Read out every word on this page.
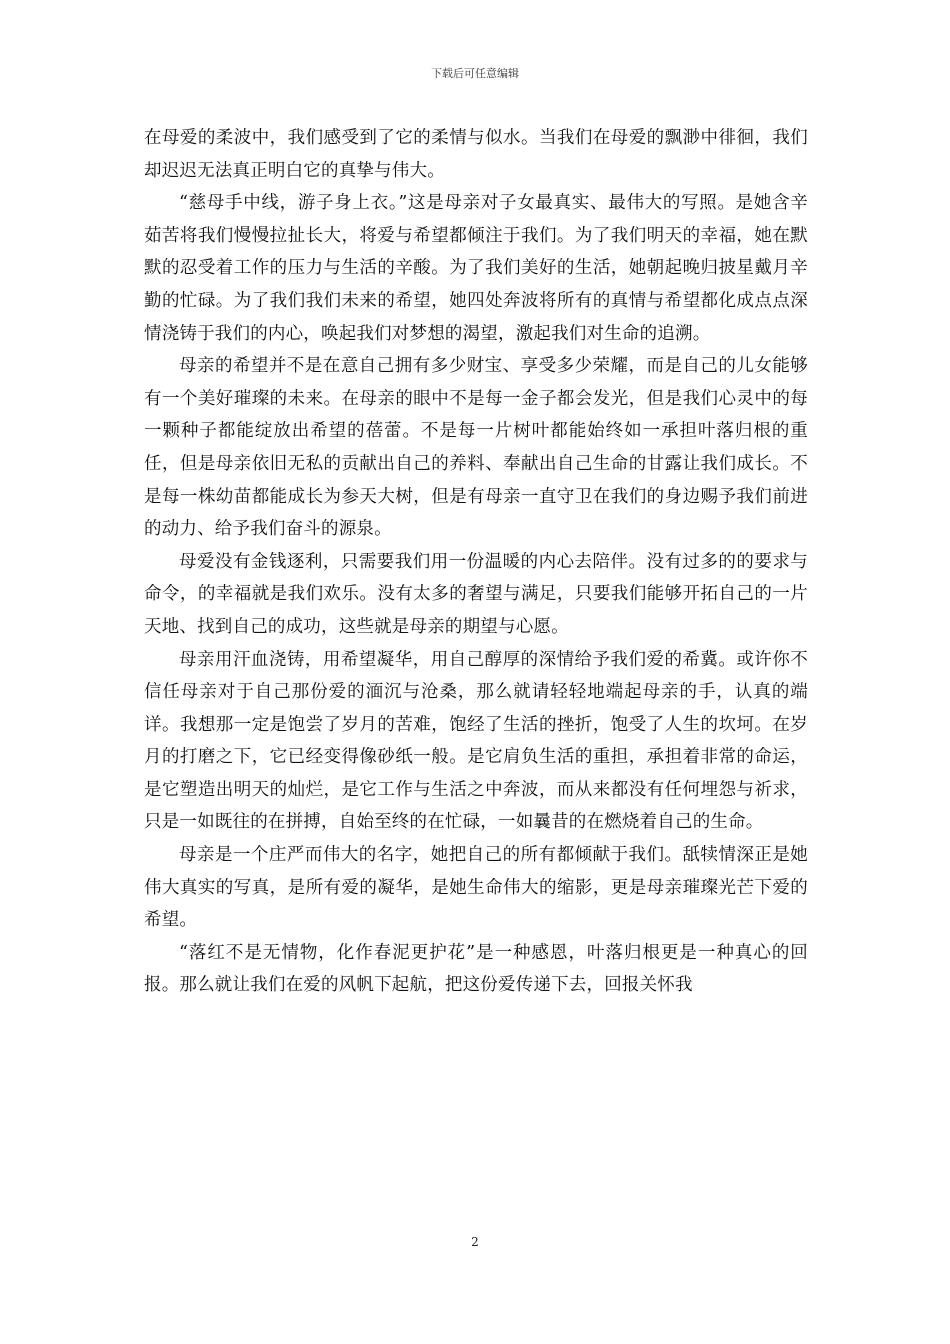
下载后可任意编辑

在母爱的柔波中，我们感受到了它的柔情与似水。当我们在母爱的飘渺中徘徊，我们却迟迟无法真正明白它的真挚与伟大。

“慈母手中线，游子身上衣。”这是母亲对子女最真实、最伟大的写照。是她含辛茹苦将我们慢慢拉扯长大，将爱与希望都倾注于我们。为了我们明天的幸福，她在默默的忍受着工作的压力与生活的辛酸。为了我们美好的生活，她朝起晚归披星戴月辛勤的忙碌。为了我们我们未来的希望，她四处奔波将所有的真情与希望都化成点点深情浇铸于我们的内心，唤起我们对梦想的渴望，激起我们对生命的追溯。

母亲的希望并不是在意自己拥有多少财宝、享受多少荣耀，而是自己的儿女能够有一个美好璀璨的未来。在母亲的眼中不是每一金子都会发光，但是我们心灵中的每一颗种子都能绽放出希望的蓓蕾。不是每一片树叶都能始终如一承担叶落归根的重任，但是母亲依旧无私的贡献出自己的养料、奉献出自己生命的甘露让我们成长。不是每一株幼苗都能成长为参天大树，但是有母亲一直守卫在我们的身边赐予我们前进的动力、给予我们奋斗的源泉。

母爱没有金钱逐利，只需要我们用一份温暖的内心去陪伴。没有过多的的要求与命令，的幸福就是我们欢乐。没有太多的奢望与满足，只要我们能够开拓自己的一片天地、找到自己的成功，这些就是母亲的期望与心愿。

母亲用汗血浇铸，用希望凝华，用自己醇厚的深情给予我们爱的希冀。或许你不信任母亲对于自己那份爱的湎沉与沧桑，那么就请轻轻地端起母亲的手，认真的端详。我想那一定是饱尝了岁月的苦难，饱经了生活的挫折，饱受了人生的坎坷。在岁月的打磨之下，它已经变得像砂纸一般。是它肩负生活的重担，承担着非常的命运，是它塑造出明天的灿烂，是它工作与生活之中奔波，而从来都没有任何埋怨与祈求，只是一如既往的在拼搏，自始至终的在忙碌，一如曩昔的在燃烧着自己的生命。

母亲是一个庄严而伟大的名字，她把自己的所有都倾献于我们。舐犊情深正是她伟大真实的写真，是所有爱的凝华，是她生命伟大的缩影，更是母亲璀璨光芒下爱的希望。

“落红不是无情物，化作春泥更护花”是一种感恩，叶落归根更是一种真心的回报。那么就让我们在爱的风帆下起航，把这份爱传递下去，回报关怀我

2
